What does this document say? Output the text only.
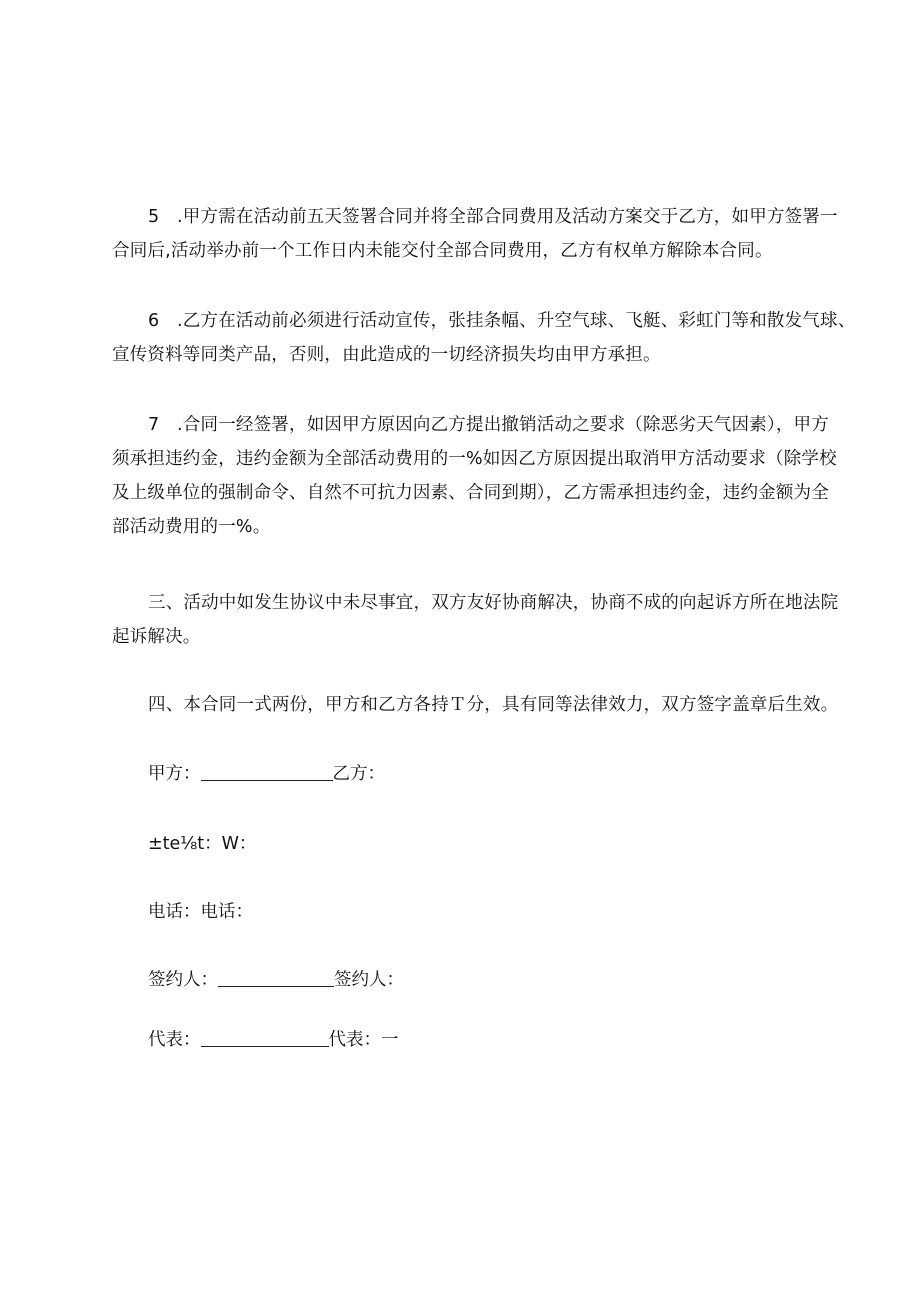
5　.甲方需在活动前五天签署合同并将全部合同费用及活动方案交于乙方，如甲方签署一
合同后,活动举办前一个工作日内未能交付全部合同费用，乙方有权单方解除本合同。

6　.乙方在活动前必须进行活动宣传，张挂条幅、升空气球、飞艇、彩虹门等和散发气球、
宣传资料等同类产品，否则，由此造成的一切经济损失均由甲方承担。

7　.合同一经签署，如因甲方原因向乙方提出撤销活动之要求（除恶劣天气因素），甲方
须承担违约金，违约金额为全部活动费用的一%如因乙方原因提出取消甲方活动要求（除学校
及上级单位的强制命令、自然不可抗力因素、合同到期），乙方需承担违约金，违约金额为全
部活动费用的一%。

三、活动中如发生协议中未尽事宜，双方友好协商解决，协商不成的向起诉方所在地法院
起诉解决。

四、本合同一式两份，甲方和乙方各持Ｔ分，具有同等法律效力，双方签字盖章后生效。

甲方：	乙方：
±te⅛t：W：
电话：电话：
签约人：	签约人：
代表：	代表：一
